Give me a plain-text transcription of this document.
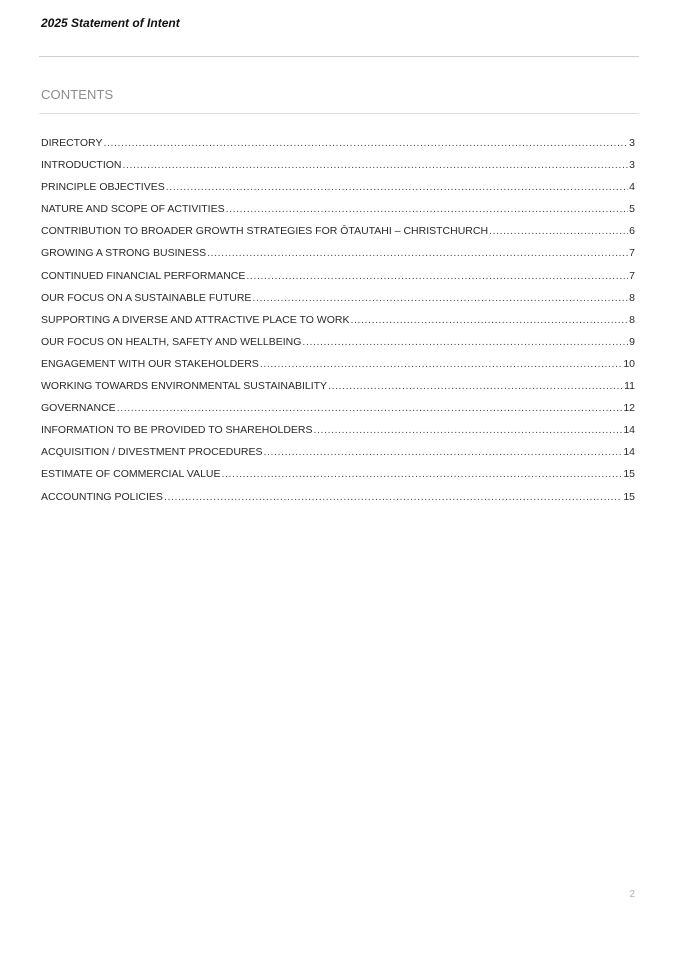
2025 Statement of Intent
CONTENTS
DIRECTORY .....	3
INTRODUCTION .....	3
PRINCIPLE OBJECTIVES .....	4
NATURE AND SCOPE OF ACTIVITIES .....	5
CONTRIBUTION TO BROADER GROWTH STRATEGIES FOR ŌTAUTAHI – CHRISTCHURCH .....	6
GROWING A STRONG BUSINESS .....	7
CONTINUED FINANCIAL PERFORMANCE .....	7
OUR FOCUS ON A SUSTAINABLE FUTURE .....	8
SUPPORTING A DIVERSE AND ATTRACTIVE PLACE TO WORK .....	8
OUR FOCUS ON HEALTH, SAFETY AND WELLBEING .....	9
ENGAGEMENT WITH OUR STAKEHOLDERS .....	10
WORKING TOWARDS ENVIRONMENTAL SUSTAINABILITY .....	11
GOVERNANCE .....	12
INFORMATION TO BE PROVIDED TO SHAREHOLDERS .....	14
ACQUISITION / DIVESTMENT PROCEDURES .....	14
ESTIMATE OF COMMERCIAL VALUE .....	15
ACCOUNTING POLICIES .....	15
2
